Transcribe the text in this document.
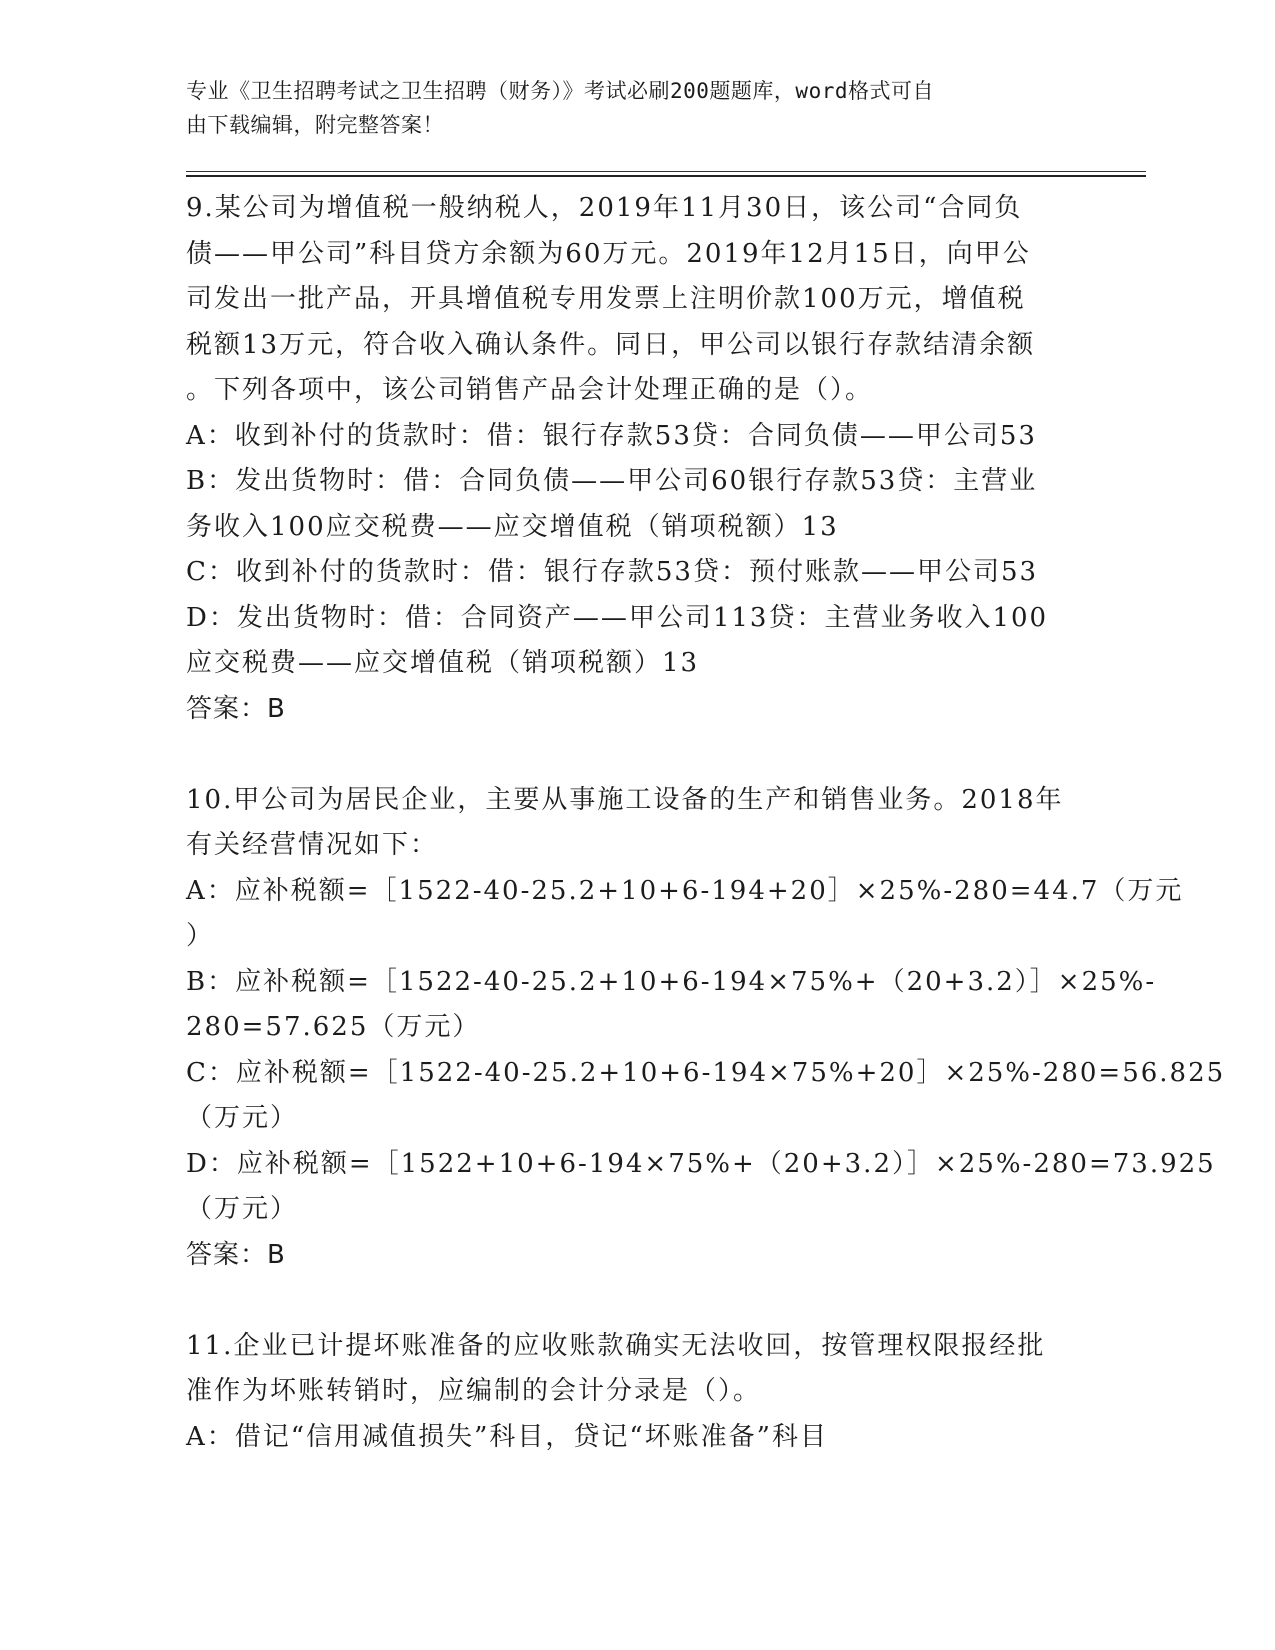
专业《卫生招聘考试之卫生招聘（财务）》考试必刷200题题库，word格式可自
由下载编辑，附完整答案！
9.某公司为增值税一般纳税人，2019年11月30日，该公司“合同负
债——甲公司”科目贷方余额为60万元。2019年12月15日，向甲公
司发出一批产品，开具增值税专用发票上注明价款100万元，增值税
税额13万元，符合收入确认条件。同日，甲公司以银行存款结清余额
。下列各项中，该公司销售产品会计处理正确的是（）。
A：收到补付的货款时：借：银行存款53贷：合同负债——甲公司53
B：发出货物时：借：合同负债——甲公司60银行存款53贷：主营业
务收入100应交税费——应交增值税（销项税额）13
C：收到补付的货款时：借：银行存款53贷：预付账款——甲公司53
D：发出货物时：借：合同资产——甲公司113贷：主营业务收入100
应交税费——应交增值税（销项税额）13
答案：B
10.甲公司为居民企业，主要从事施工设备的生产和销售业务。2018年
有关经营情况如下：
A：应补税额=［1522-40-25.2+10+6-194+20］×25%-280=44.7（万元
）
B：应补税额=［1522-40-25.2+10+6-194×75%+（20+3.2）］×25%-
280=57.625（万元）
C：应补税额=［1522-40-25.2+10+6-194×75%+20］×25%-280=56.825
（万元）
D：应补税额=［1522+10+6-194×75%+（20+3.2）］×25%-280=73.925
（万元）
答案：B
11.企业已计提坏账准备的应收账款确实无法收回，按管理权限报经批
准作为坏账转销时，应编制的会计分录是（）。
A：借记“信用减值损失”科目，贷记“坏账准备”科目
